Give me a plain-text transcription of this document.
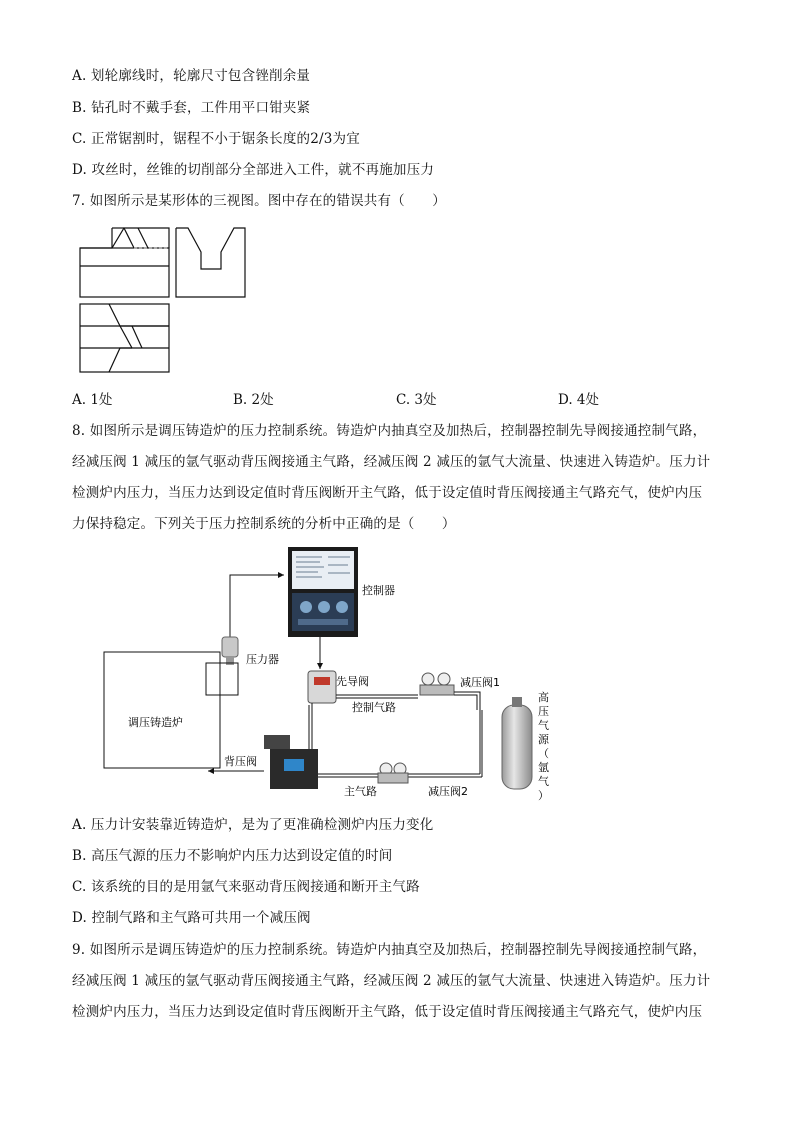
A. 划轮廓线时，轮廓尺寸包含锉削余量
B. 钻孔时不戴手套，工件用平口钳夹紧
C. 正常锯割时，锯程不小于锯条长度的2/3为宜
D. 攻丝时，丝锥的切削部分全部进入工件，就不再施加压力
7. 如图所示是某形体的三视图。图中存在的错误共有（　　）
A. 1处	B. 2处	C. 3处	D. 4处
8. 如图所示是调压铸造炉的压力控制系统。铸造炉内抽真空及加热后，控制器控制先导阀接通控制气路，
经减压阀 1 减压的氩气驱动背压阀接通主气路，经减压阀 2 减压的氩气大流量、快速进入铸造炉。压力计
检测炉内压力，当压力达到设定值时背压阀断开主气路，低于设定值时背压阀接通主气路充气，使炉内压
力保持稳定。下列关于压力控制系统的分析中正确的是（　　）
控制器
压力器
调压铸造炉
先导阀	减压阀1
控制气路
背压阀
主气路	减压阀2
高
压
气
源
（
氩
气
）
A. 压力计安装靠近铸造炉，是为了更准确检测炉内压力变化
B. 高压气源的压力不影响炉内压力达到设定值的时间
C. 该系统的目的是用氩气来驱动背压阀接通和断开主气路
D. 控制气路和主气路可共用一个减压阀
9. 如图所示是调压铸造炉的压力控制系统。铸造炉内抽真空及加热后，控制器控制先导阀接通控制气路，
经减压阀 1 减压的氩气驱动背压阀接通主气路，经减压阀 2 减压的氩气大流量、快速进入铸造炉。压力计
检测炉内压力，当压力达到设定值时背压阀断开主气路，低于设定值时背压阀接通主气路充气，使炉内压
